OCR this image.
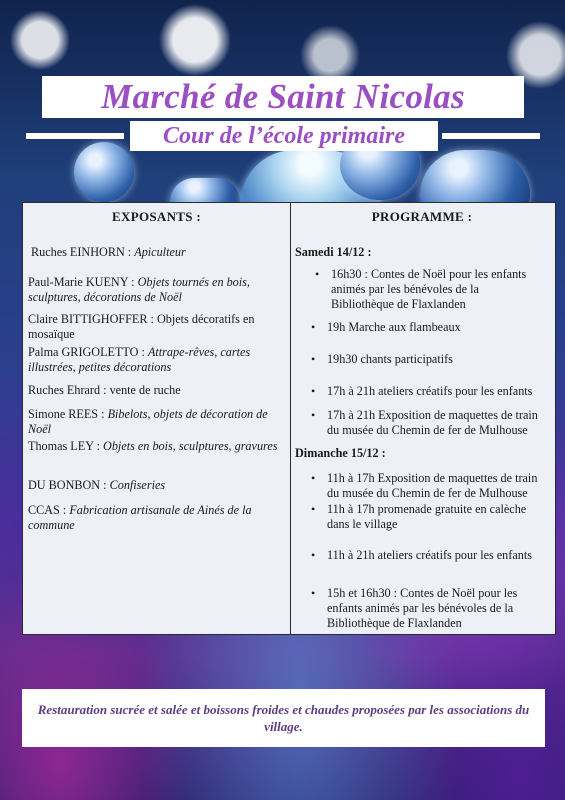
Marché de Saint Nicolas
Cour de l’école primaire
EXPOSANTS :
Ruches EINHORN : Apiculteur
Paul-Marie KUENY : Objets tournés en bois, sculptures, décorations de Noël
Claire BITTIGHOFFER : Objets décoratifs en mosaïque
Palma GRIGOLETTO : Attrape-rêves, cartes illustrées, petites décorations
Ruches Ehrard : vente de ruche
Simone REES : Bibelots, objets de décoration de Noël
Thomas LEY : Objets en bois, sculptures, gravures
DU BONBON : Confiseries
CCAS : Fabrication artisanale de Ainés de la commune
PROGRAMME :
Samedi 14/12 :
• 16h30 : Contes de Noël pour les enfants animés par les bénévoles de la Bibliothèque de Flaxlanden
• 19h Marche aux flambeaux
• 19h30 chants participatifs
• 17h à 21h ateliers créatifs pour les enfants
• 17h à 21h Exposition de maquettes de train du musée du Chemin de fer de Mulhouse
Dimanche 15/12 :
• 11h à 17h Exposition de maquettes de train du musée du Chemin de fer de Mulhouse
• 11h à 17h promenade gratuite en calèche dans le village
• 11h à 21h ateliers créatifs pour les enfants
• 15h et 16h30 : Contes de Noël pour les enfants animés par les bénévoles de la Bibliothèque de Flaxlanden
Restauration sucrée et salée et boissons froides et chaudes proposées par les associations du village.
